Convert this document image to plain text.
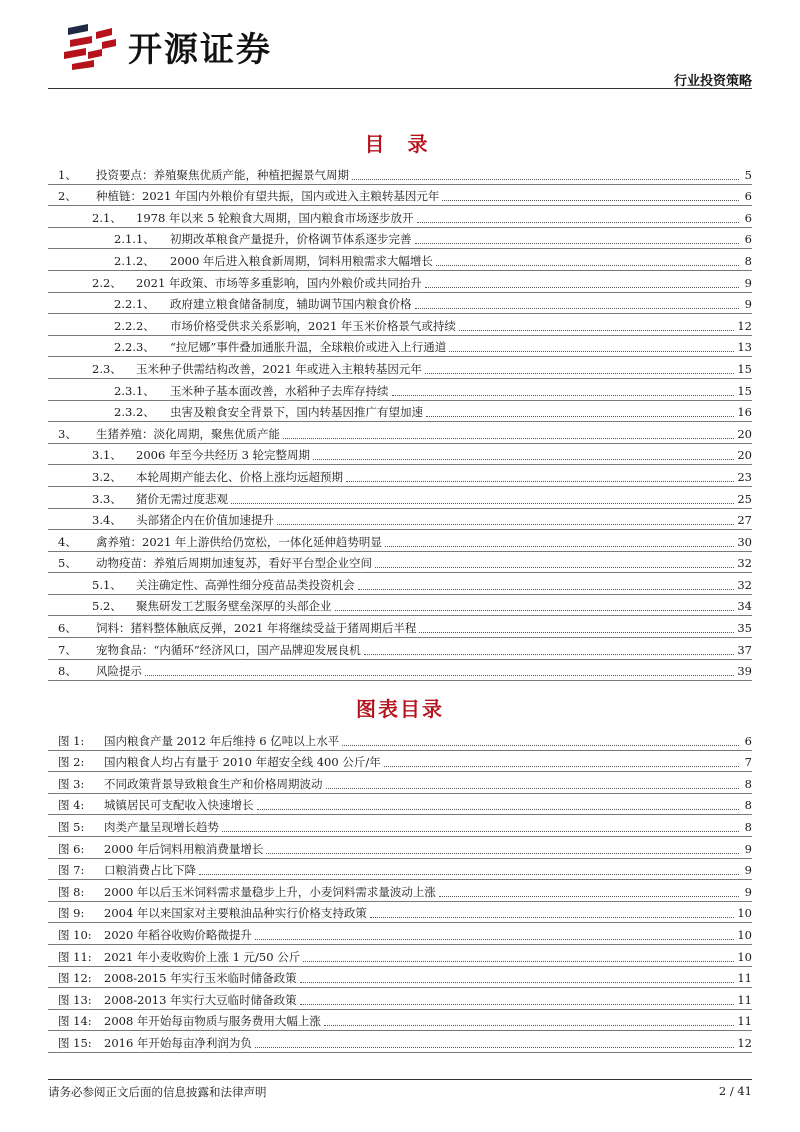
开源证券
行业投资策略
目 录
1、	投资要点：养殖聚焦优质产能，种植把握景气周期	5
2、	种植链：2021 年国内外粮价有望共振，国内或进入主粮转基因元年	6
2.1、	1978 年以来 5 轮粮食大周期，国内粮食市场逐步放开	6
2.1.1、	初期改革粮食产量提升，价格调节体系逐步完善	6
2.1.2、	2000 年后进入粮食新周期，饲料用粮需求大幅增长	8
2.2、	2021 年政策、市场等多重影响，国内外粮价或共同抬升	9
2.2.1、	政府建立粮食储备制度，辅助调节国内粮食价格	9
2.2.2、	市场价格受供求关系影响，2021 年玉米价格景气或持续	12
2.2.3、	“拉尼娜”事件叠加通胀升温，全球粮价或进入上行通道	13
2.3、	玉米种子供需结构改善，2021 年或进入主粮转基因元年	15
2.3.1、	玉米种子基本面改善，水稻种子去库存持续	15
2.3.2、	虫害及粮食安全背景下，国内转基因推广有望加速	16
3、	生猪养殖：淡化周期，聚焦优质产能	20
3.1、	2006 年至今共经历 3 轮完整周期	20
3.2、	本轮周期产能去化、价格上涨均远超预期	23
3.3、	猪价无需过度悲观	25
3.4、	头部猪企内在价值加速提升	27
4、	禽养殖：2021 年上游供给仍宽松，一体化延伸趋势明显	30
5、	动物疫苗：养殖后周期加速复苏，看好平台型企业空间	32
5.1、	关注确定性、高弹性细分疫苗品类投资机会	32
5.2、	聚焦研发工艺服务壁垒深厚的头部企业	34
6、	饲料：猪料整体触底反弹，2021 年将继续受益于猪周期后半程	35
7、	宠物食品：“内循环”经济风口，国产品牌迎发展良机	37
8、	风险提示	39
图表目录
图 1:	国内粮食产量 2012 年后维持 6 亿吨以上水平	6
图 2:	国内粮食人均占有量于 2010 年超安全线 400 公斤/年	7
图 3:	不同政策背景导致粮食生产和价格周期波动	8
图 4:	城镇居民可支配收入快速增长	8
图 5:	肉类产量呈现增长趋势	8
图 6:	2000 年后饲料用粮消费量增长	9
图 7:	口粮消费占比下降	9
图 8:	2000 年以后玉米饲料需求量稳步上升，小麦饲料需求量波动上涨	9
图 9:	2004 年以来国家对主要粮油品种实行价格支持政策	10
图 10:	2020 年稻谷收购价略微提升	10
图 11:	2021 年小麦收购价上涨 1 元/50 公斤	10
图 12:	2008-2015 年实行玉米临时储备政策	11
图 13:	2008-2013 年实行大豆临时储备政策	11
图 14:	2008 年开始每亩物质与服务费用大幅上涨	11
图 15:	2016 年开始每亩净利润为负	12
请务必参阅正文后面的信息披露和法律声明	2 / 41
